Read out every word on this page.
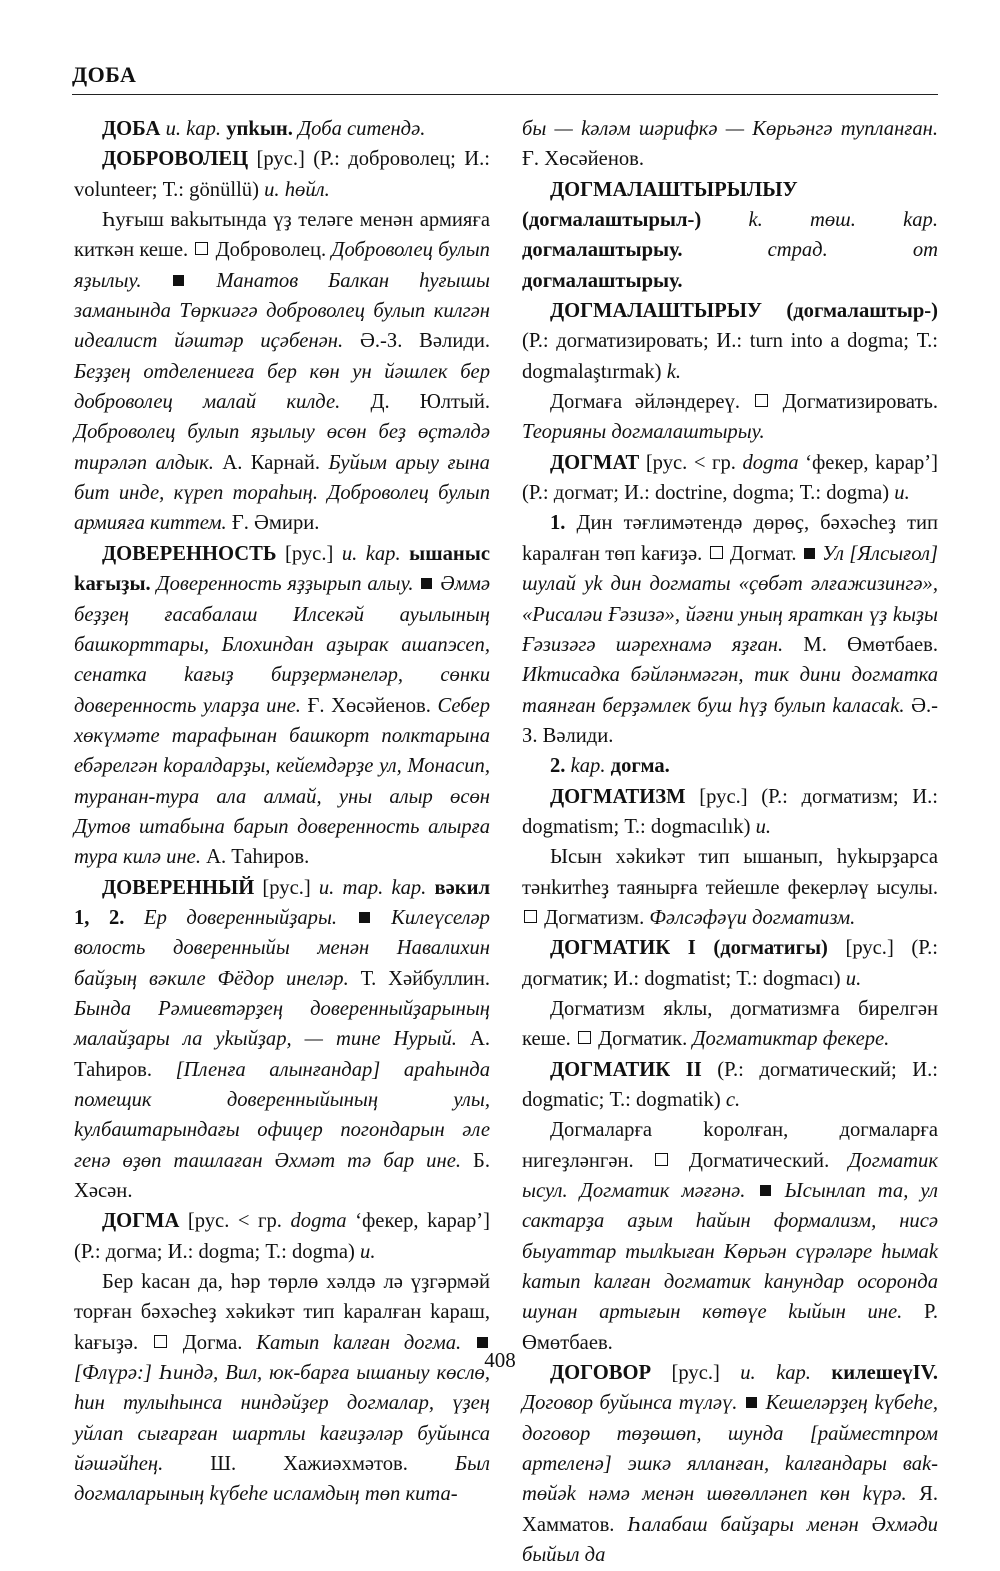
ДОБА

ДОБА и. kар. упkын. Доба ситендә.

ДОБРОВОЛЕЦ [рус.] (Р.: доброволец; И.: volunteer; Т.: gönüllü) и. һөйл.

Һуғыш ваkытында үҙ теләге менән армияға киткән кеше. Доброволец. Доброволец булып яҙылыу.	Манатов Балкан һуғышы заманында Төркиәгә доброволец булып килгән идеалист йәштәр иҫәбенән. Ә.-З. Вәлиди. Беҙҙең отделениеға бер көн ун йәшлек бер доброволец малай килде. Д. Юлтый. Доброволец булып яҙылыу өсөн беҙ өҫтәлдә тирәләп алдык. А. Карнай. Буйым арыу ғына бит инде, күреп тораһың. Доброволец булып армияға киттем. Ғ. Әмири.

ДОВЕРЕННОСТЬ [рус.] и. kар. ышаныс kағыҙы. Доверенность яҙҙырып алыу. Әммә беҙҙең ғасабалаш Илсекәй ауылының башкорттары, Блохиндан аҙырак ашапэсеп, сенатка kағыҙ бирҙермәнеләр, сөнки доверенность уларҙа ине. Ғ. Хөсәйенов. Себер хөкүмәте тарафынан башкорт полктарына ебәрелгән kоралдарҙы, кейемдәрҙе ул, Монасип, туранан-тура ала алмай, уны алыр өсөн Дутов штабына барып доверенность алырға тура килә ине. А. Таһиров.

ДОВЕРЕННЫЙ [рус.] и. тар. kар. вәкил 1, 2. Ер доверенныйҙары.	Килеүселәр волость доверенныйы менән Навалихин байҙың вәкиле Фёдор инеләр. Т. Хәйбуллин. Бында Рәмиевтәрҙең доверенныйҙарының малайҙары ла уkыйҙар, — тине Нурый. А. Таһиров. [Пленға алынғандар] араһында помещик доверенныйының улы, kулбаштарындағы офицер погондарын әле генә өҙөп ташлаған Әхмәт тә бар ине. Б. Хәсән.

ДОГМА [рус. < гр. dogma ‘фекер, kарар’] (Р.: догма; И.: dogma; Т.: dogma) и.

Бер kасан да, һәр төрлө хәлдә лә үҙгәрмәй торған бәхәсһеҙ хәkиkәт тип kаралған kараш, kағыҙә. Догма. Kатып kалған догма.  [Флүрә:] Һиндә, Вил, юк-барға ышаныу көслө, һин тулыһынса ниндәйҙер догмалар, үҙең уйлап сығарған шартлы kағиҙәләр буйынса йәшәйһең. Ш. Хажиәхмәтов. Был догмаларының kүбеһе исламдың төп кита-

бы — kәләм шәрифкә — Kөрьәнгә тупланған. Ғ. Хөсәйенов.

ДОГМАЛАШТЫРЫЛЫУ (догмалаштырыл-) k. төш. kар. догмалаштырыу.	страд. от догмалаштырыу.

ДОГМАЛАШТЫРЫУ (догмалаштыр-) (Р.: догматизировать; И.: turn into a dogma; Т.: dogmalaştırmak) k.

Догмаға әйләндереү. Догматизировать. Теорияны догмалаштырыу.

ДОГМАТ [рус. < гр. dogma ‘фекер, kарар’] (Р.: догмат; И.: doctrine, dogma; Т.: dogma) и.

1. Дин тәғлимәтендә дөрөҫ, бәхәсһеҙ тип kаралған төп kағиҙә. Догмат. Ул [Ялсығол] шулай уk дин догматы «ҫөбәт әлғажизингә», «Рисаләи Ғәзизә», йәғни уның яраткан үҙ kыҙы Ғәзизәгә шәрехнамә яҙған. М. Өмөтбаев. Иkтисадка бәйләнмәгән, тик дини догматка таянған берҙәмлек буш һүҙ булып kаласаk. Ә.-З. Вәлиди.

2. kар. догма.

ДОГМАТИЗМ [рус.] (Р.: догматизм; И.: dogmatism; Т.: dogmacılık) и.

Ысын хәkиkәт тип ышанып, һуkырҙарса тәнkитһеҙ таянырға тейешле фекерләү ысулы.  Догматизм. Фәлсәфәүи догматизм.

ДОГМАТИК I (догматигы) [рус.] (Р.: догматик; И.: dogmatist; Т.: dogmacı) и.

Догматизм яkлы, догматизмға бирелгән кеше. Догматик. Догматиктар фекере.

ДОГМАТИК II (Р.: догматический; И.: dogmatic; Т.: dogmatik) с.

Догмаларға kоролған, догмаларға нигеҙләнгән.	Догматический. Догматик ысул. Догматик мәғәнә. Ысынлап та, ул сактарҙа аҙым һайын формализм, нисә быуаттар тылkыған Kөрьән сүрәләре һымаk kатып kалған догматик kанундар осоронда шунан артығын көтөүе kыйын ине. Р. Өмөтбаев.

ДОГОВОР [рус.] и. kар. килешеүIV. Договор буйынса түләү. Кешеләрҙең kүбеһе, договор төҙөшөп, шунда [райместпром артеленә] эшкә ялланған, kалғандары ваk-төйәk нәмә менән шөғөлләнеп көн kүрә. Я. Хамматов. Һалабаш байҙары менән Әхмәди быйыл да

408
